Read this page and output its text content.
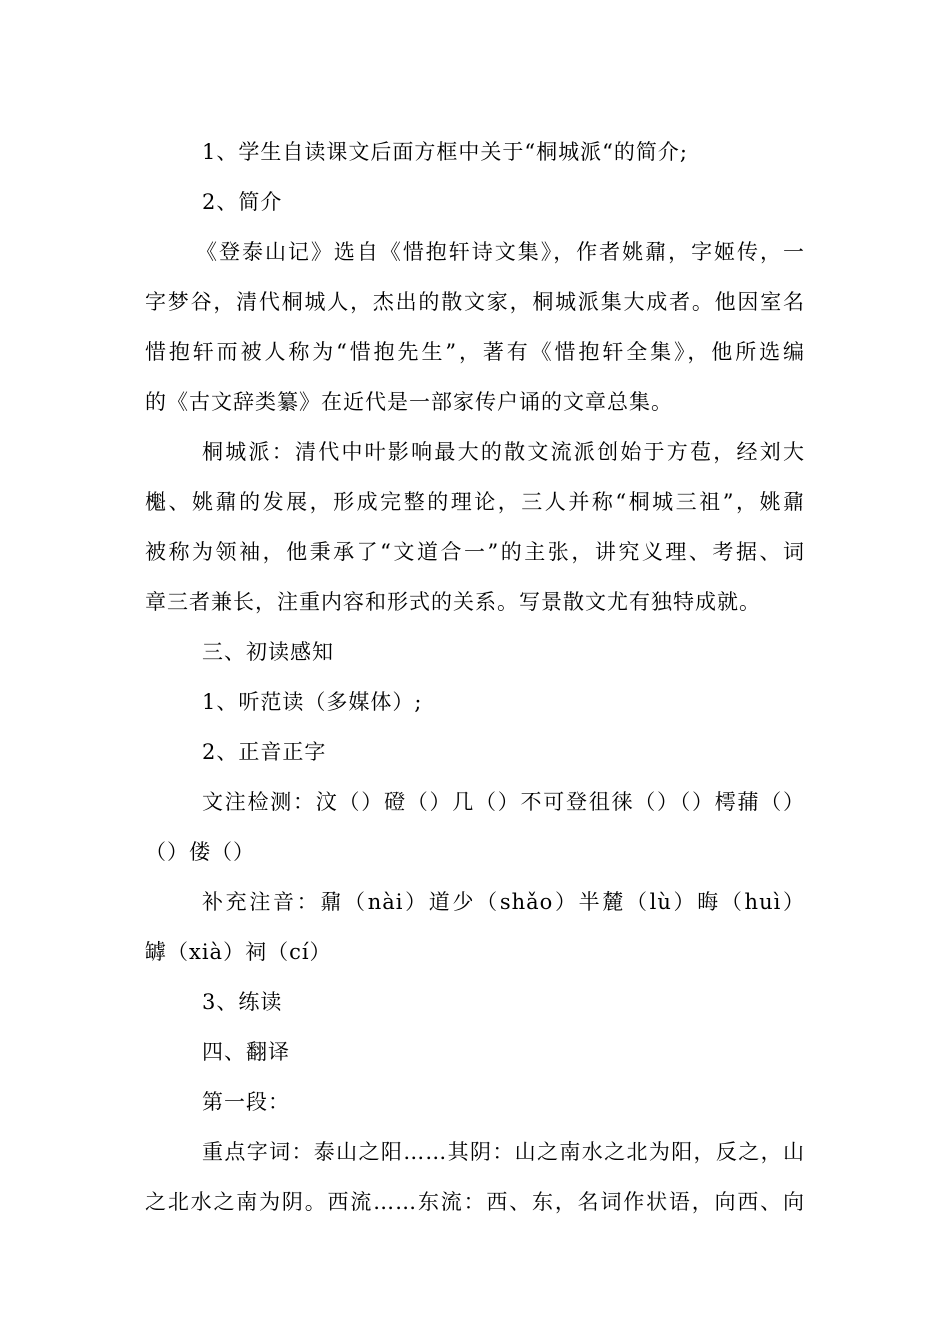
1、学生自读课文后面方框中关于“桐城派“的简介;
2、简介
《登泰山记》选自《惜抱轩诗文集》，作者姚鼐，字姬传，一
字梦谷，清代桐城人，杰出的散文家，桐城派集大成者。他因室名
惜抱轩而被人称为“惜抱先生”，著有《惜抱轩全集》，他所选编
的《古文辞类纂》在近代是一部家传户诵的文章总集。
桐城派：清代中叶影响最大的散文流派创始于方苞，经刘大
櫆、姚鼐的发展，形成完整的理论，三人并称“桐城三祖”，姚鼐
被称为领袖，他秉承了“文道合一”的主张，讲究义理、考据、词
章三者兼长，注重内容和形式的关系。写景散文尤有独特成就。
三、初读感知
1、听范读（多媒体）;
2、正音正字
文注检测：汶（）磴（）几（）不可登徂徕（）（）樗蒱（）
（）偻（）
补充注音：鼐（nài）道少（shǎo）半麓（lù）晦（huì）
罅（xià）祠（cí）
3、练读
四、翻译
第一段：
重点字词：泰山之阳……其阴：山之南水之北为阳，反之，山
之北水之南为阴。西流……东流：西、东，名词作状语，向西、向
